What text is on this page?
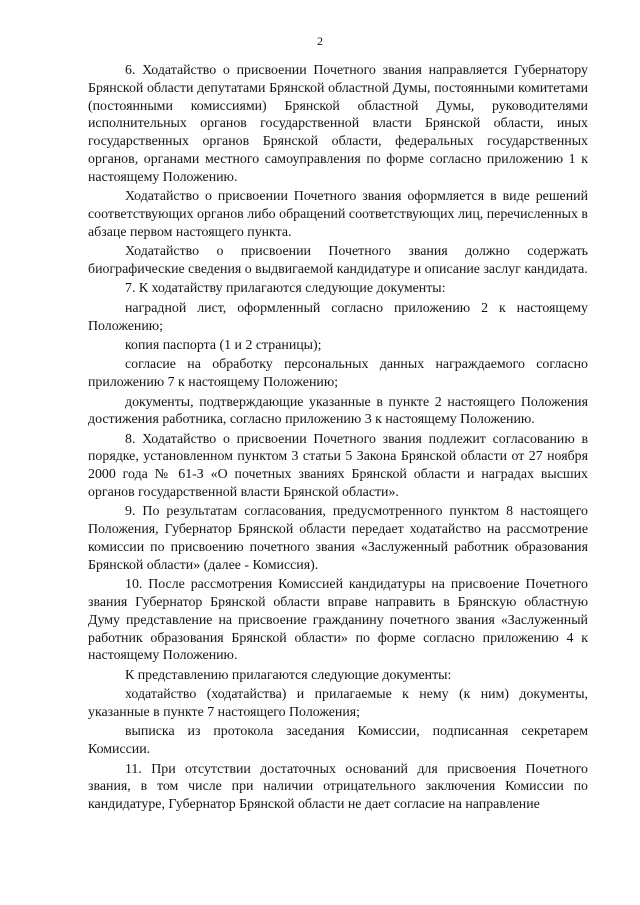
2

6. Ходатайство о присвоении Почетного звания направляется Губернатору Брянской области депутатами Брянской областной Думы, постоянными комитетами (постоянными комиссиями) Брянской областной Думы, руководителями исполнительных органов государственной власти Брянской области, иных государственных органов Брянской области, федеральных государственных органов, органами местного самоуправления по форме согласно приложению 1 к настоящему Положению.

Ходатайство о присвоении Почетного звания оформляется в виде решений соответствующих органов либо обращений соответствующих лиц, перечисленных в абзаце первом настоящего пункта.

Ходатайство о присвоении Почетного звания должно содержать биографические сведения о выдвигаемой кандидатуре и описание заслуг кандидата.

7. К ходатайству прилагаются следующие документы:

наградной лист, оформленный согласно приложению 2 к настоящему Положению;

копия паспорта (1 и 2 страницы);

согласие на обработку персональных данных награждаемого согласно приложению 7 к настоящему Положению;

документы, подтверждающие указанные в пункте 2 настоящего Положения достижения работника, согласно приложению 3 к настоящему Положению.

8. Ходатайство о присвоении Почетного звания подлежит согласованию в порядке, установленном пунктом 3 статьи 5 Закона Брянской области от 27 ноября 2000 года № 61-З «О почетных званиях Брянской области и наградах высших органов государственной власти Брянской области».

9. По результатам согласования, предусмотренного пунктом 8 настоящего Положения, Губернатор Брянской области передает ходатайство на рассмотрение комиссии по присвоению почетного звания «Заслуженный работник образования Брянской области» (далее - Комиссия).

10. После рассмотрения Комиссией кандидатуры на присвоение Почетного звания Губернатор Брянской области вправе направить в Брянскую областную Думу представление на присвоение гражданину почетного звания «Заслуженный работник образования Брянской области» по форме согласно приложению 4 к настоящему Положению.

К представлению прилагаются следующие документы:

ходатайство (ходатайства) и прилагаемые к нему (к ним) документы, указанные в пункте 7 настоящего Положения;

выписка из протокола заседания Комиссии, подписанная секретарем Комиссии.

11. При отсутствии достаточных оснований для присвоения Почетного звания, в том числе при наличии отрицательного заключения Комиссии по кандидатуре, Губернатор Брянской области не дает согласие на направление
